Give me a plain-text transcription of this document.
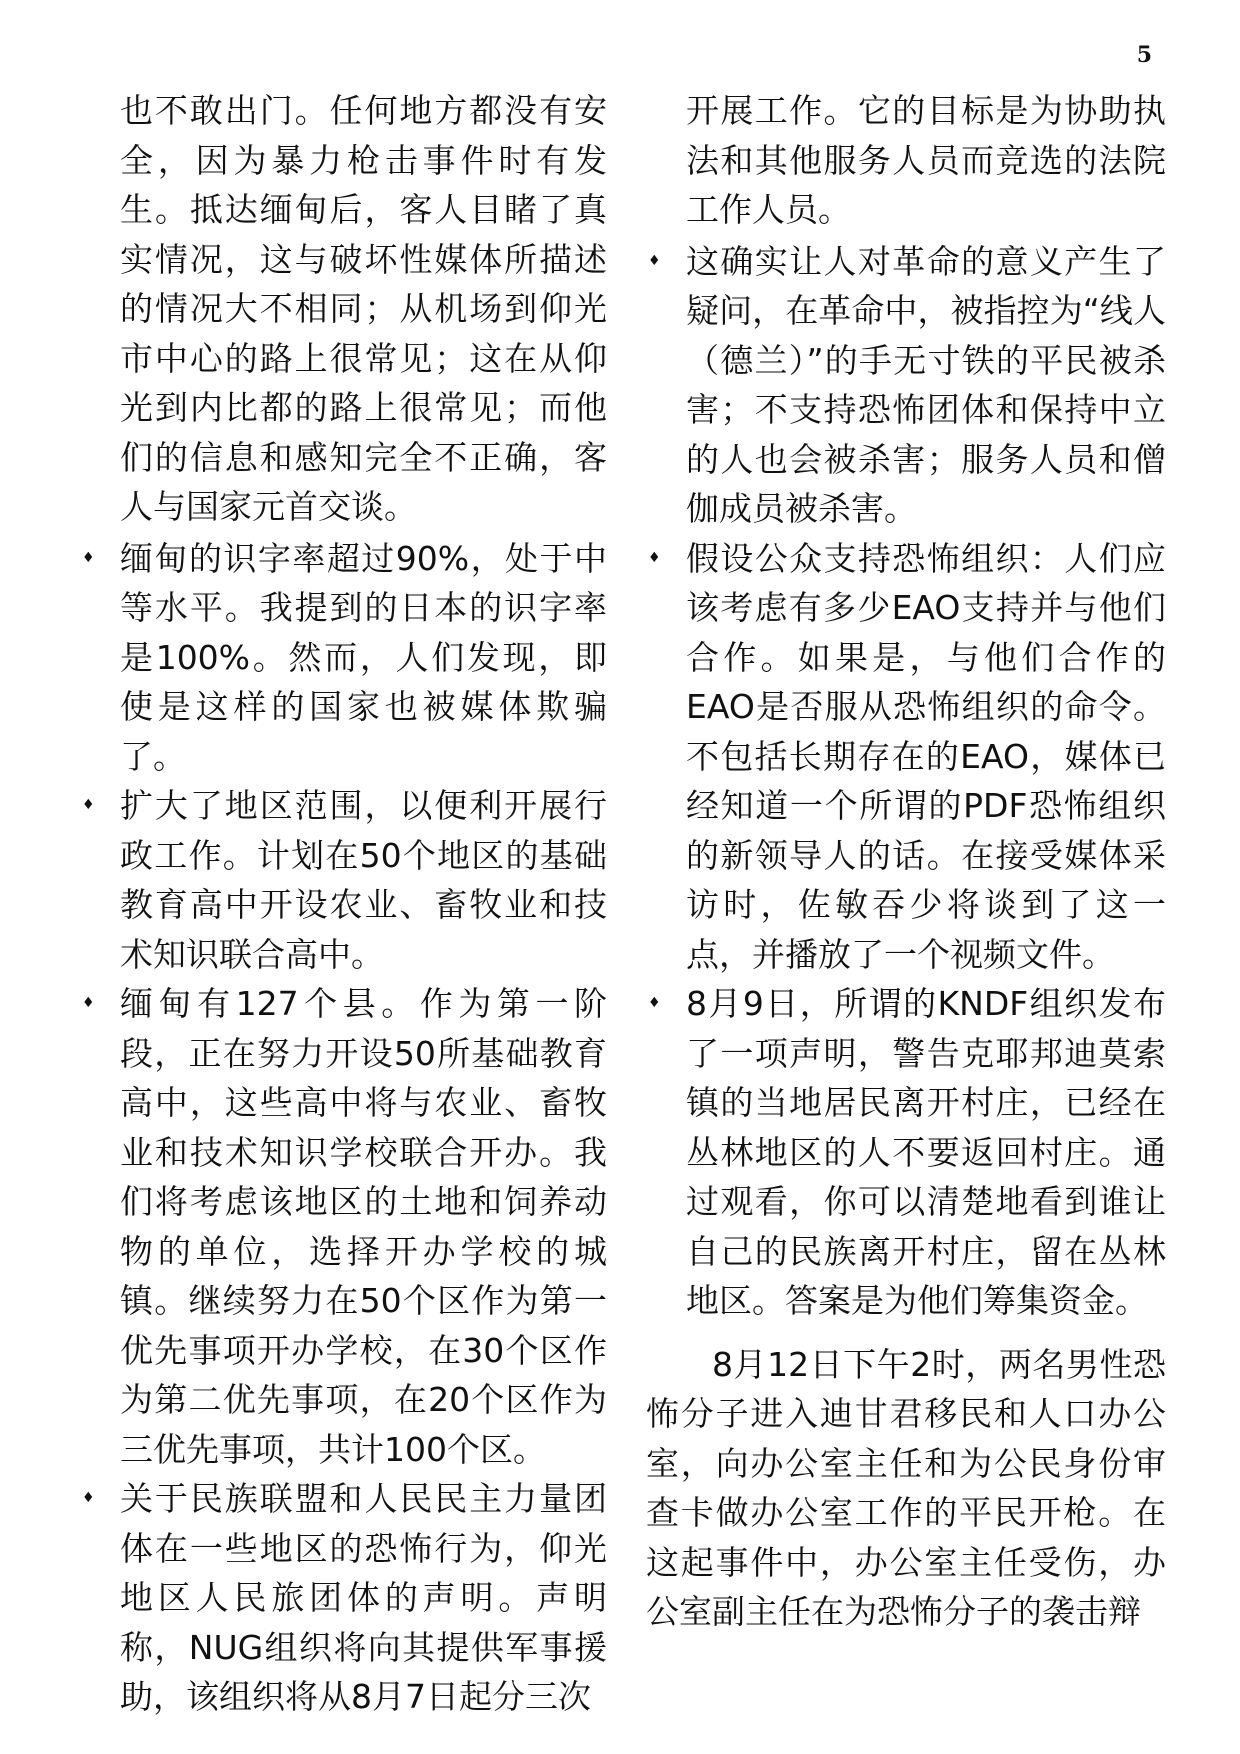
5

也不敢出门。任何地方都没有安全，因为暴力枪击事件时有发生。抵达缅甸后，客人目睹了真实情况，这与破坏性媒体所描述的情况大不相同；从机场到仰光市中心的路上很常见；这在从仰光到内比都的路上很常见；而他们的信息和感知完全不正确，客人与国家元首交谈。

♦ 缅甸的识字率超过90%，处于中等水平。我提到的日本的识字率是100%。然而，人们发现，即使是这样的国家也被媒体欺骗了。
♦ 扩大了地区范围，以便利开展行政工作。计划在50个地区的基础教育高中开设农业、畜牧业和技术知识联合高中。
♦ 缅甸有127个县。作为第一阶段，正在努力开设50所基础教育高中，这些高中将与农业、畜牧业和技术知识学校联合开办。我们将考虑该地区的土地和饲养动物的单位，选择开办学校的城镇。继续努力在50个区作为第一优先事项开办学校，在30个区作为第二优先事项，在20个区作为三优先事项，共计100个区。
♦ 关于民族联盟和人民民主力量团体在一些地区的恐怖行为，仰光地区人民旅团体的声明。声明称，NUG组织将向其提供军事援助，该组织将从8月7日起分三次

开展工作。它的目标是为协助执法和其他服务人员而竞选的法院工作人员。

♦ 这确实让人对革命的意义产生了疑问，在革命中，被指控为“线人（德兰）”的手无寸铁的平民被杀害；不支持恐怖团体和保持中立的人也会被杀害；服务人员和僧伽成员被杀害。
♦ 假设公众支持恐怖组织：人们应该考虑有多少EAO支持并与他们合作。如果是，与他们合作的EAO是否服从恐怖组织的命令。不包括长期存在的EAO，媒体已经知道一个所谓的PDF恐怖组织的新领导人的话。在接受媒体采访时，佐敏吞少将谈到了这一点，并播放了一个视频文件。
♦ 8月9日，所谓的KNDF组织发布了一项声明，警告克耶邦迪莫索镇的当地居民离开村庄，已经在丛林地区的人不要返回村庄。通过观看，你可以清楚地看到谁让自己的民族离开村庄，留在丛林地区。答案是为他们筹集资金。

8月12日下午2时，两名男性恐怖分子进入迪甘君移民和人口办公室，向办公室主任和为公民身份审查卡做办公室工作的平民开枪。在这起事件中，办公室主任受伤，办公室副主任在为恐怖分子的袭击辩
